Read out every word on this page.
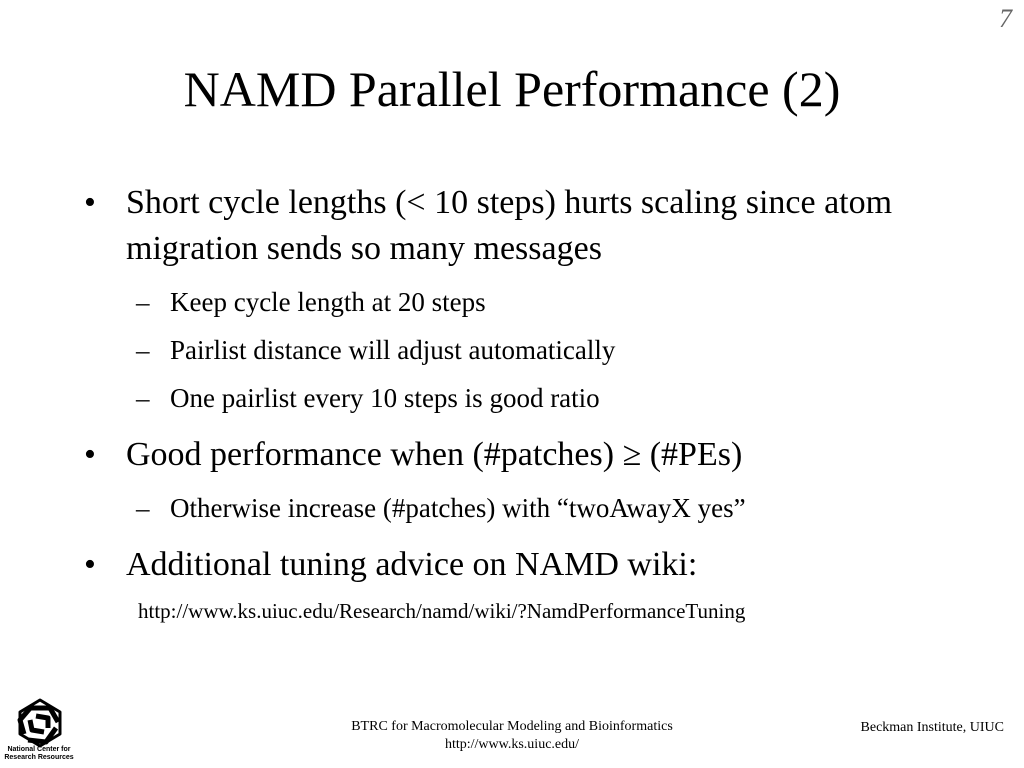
7
NAMD Parallel Performance (2)
• Short cycle lengths (< 10 steps) hurts scaling since atom migration sends so many messages
– Keep cycle length at 20 steps
– Pairlist distance will adjust automatically
– One pairlist every 10 steps is good ratio
• Good performance when (#patches) ≥ (#PEs)
– Otherwise increase (#patches) with “twoAwayX yes”
• Additional tuning advice on NAMD wiki:
http://www.ks.uiuc.edu/Research/namd/wiki/?NamdPerformanceTuning
National Center for
Research Resources
BTRC for Macromolecular Modeling and Bioinformatics
http://www.ks.uiuc.edu/
Beckman Institute, UIUC
